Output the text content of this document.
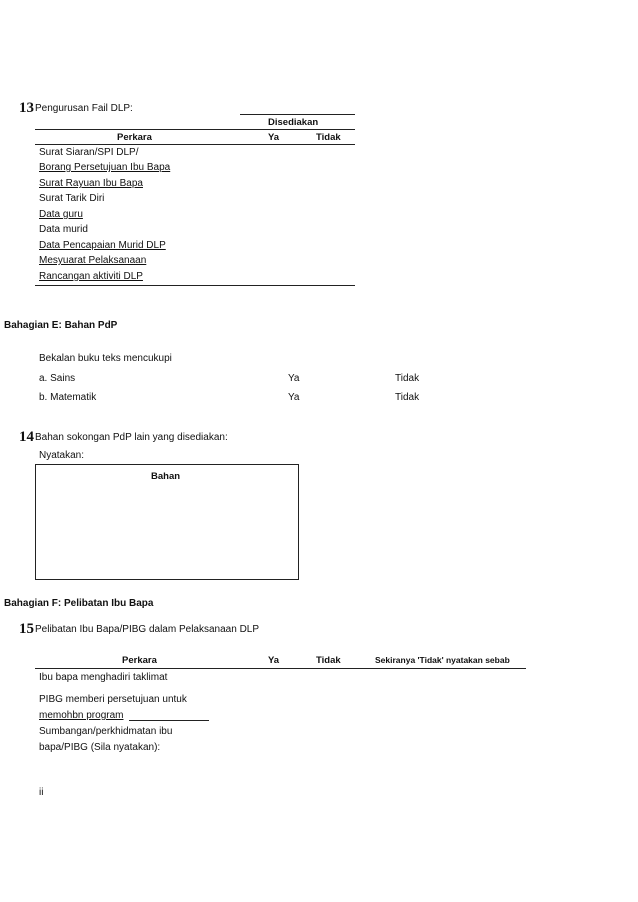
13 Pengurusan Fail DLP:
Disediakan
Perkara	Ya	Tidak
Surat Siaran/SPI DLP/
Borang Persetujuan Ibu Bapa
Surat Rayuan Ibu Bapa
Surat Tarik Diri
Data guru
Data murid
Data Pencapaian Murid DLP
Mesyuarat Pelaksanaan
Rancangan aktiviti DLP
Bahagian E: Bahan PdP
Bekalan buku teks mencukupi
a. Sains	Ya	Tidak
b. Matematik	Ya	Tidak
14 Bahan sokongan PdP lain yang disediakan:
Nyatakan:
Bahan
Bahagian F: Pelibatan Ibu Bapa
15 Pelibatan Ibu Bapa/PIBG dalam Pelaksanaan DLP
Perkara	Ya	Tidak	Sekiranya 'Tidak' nyatakan sebab
Ibu bapa menghadiri taklimat
PIBG memberi persetujuan untuk
memohbn program
Sumbangan/perkhidmatan ibu
bapa/PIBG (Sila nyatakan):
ii
